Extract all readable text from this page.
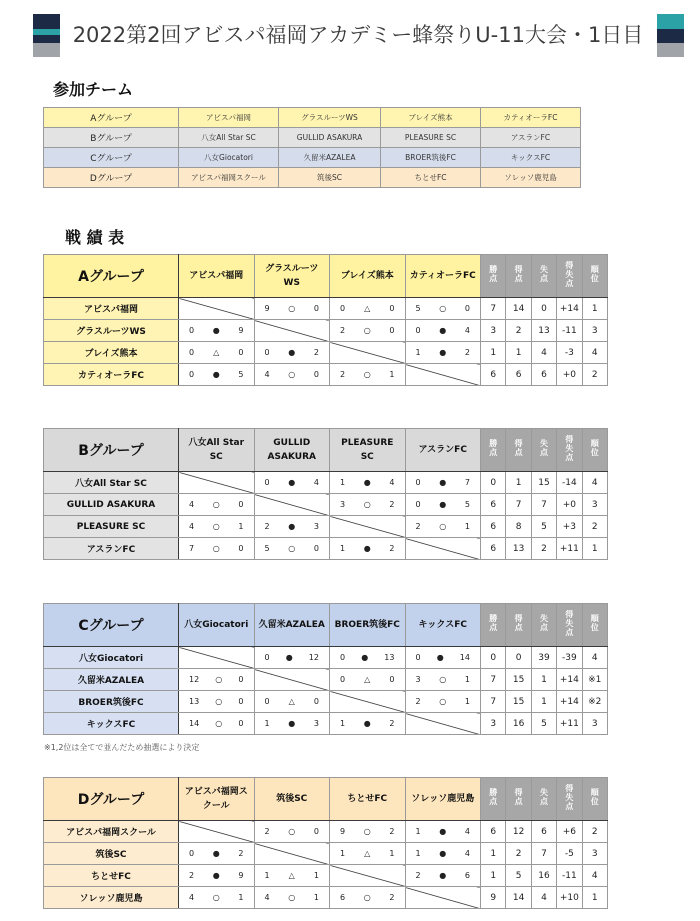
2022第2回アビスパ福岡アカデミー蜂祭りU-11大会・1日目
参加チーム
Aグループ	アビスパ福岡	グラスルーツWS	ブレイズ熊本	カティオーラFC
Bグループ	八女All Star SC	GULLID ASAKURA	PLEASURE SC	アスランFC
Cグループ	八女Giocatori	久留米AZALEA	BROER筑後FC	キックスFC
Dグループ	アビスパ福岡スクール	筑後SC	ちとせFC	ソレッソ鹿児島
戦 績 表
Aグループ	アビスパ福岡	グラスルーツWS	ブレイズ熊本	カティオーラFC	勝点	得点	失点	得失点	順位
アビスパ福岡		9 ○ 0	0 △ 0	5 ○ 0	7	14	0	+14	1
グラスルーツWS	0 ● 9		2 ○ 0	0 ● 4	3	2	13	-11	3
ブレイズ熊本	0 △ 0	0 ● 2		1 ● 2	1	1	4	-3	4
カティオーラFC	0 ● 5	4 ○ 0	2 ○ 1		6	6	6	+0	2
Bグループ	八女All Star SC	GULLID ASAKURA	PLEASURE SC	アスランFC	勝点	得点	失点	得失点	順位
八女All Star SC		0 ● 4	1 ● 4	0 ● 7	0	1	15	-14	4
GULLID ASAKURA	4 ○ 0		3 ○ 2	0 ● 5	6	7	7	+0	3
PLEASURE SC	4 ○ 1	2 ● 3		2 ○ 1	6	8	5	+3	2
アスランFC	7 ○ 0	5 ○ 0	1 ● 2		6	13	2	+11	1
Cグループ	八女Giocatori	久留米AZALEA	BROER筑後FC	キックスFC	勝点	得点	失点	得失点	順位
八女Giocatori		0 ● 12	0 ● 13	0 ● 14	0	0	39	-39	4
久留米AZALEA	12 ○ 0		0 △ 0	3 ○ 1	7	15	1	+14	※1
BROER筑後FC	13 ○ 0	0 △ 0		2 ○ 1	7	15	1	+14	※2
キックスFC	14 ○ 0	1 ● 3	1 ● 2		3	16	5	+11	3

※1,2位は全てで並んだため抽選により決定

Dグループ	アビスパ福岡スクール	筑後SC	ちとせFC	ソレッソ鹿児島	勝点	得点	失点	得失点	順位
アビスパ福岡スクール		2 ○ 0	9 ○ 2	1 ● 4	6	12	6	+6	2
筑後SC	0 ● 2		1 △ 1	1 ● 4	1	2	7	-5	3
ちとせFC	2 ● 9	1 △ 1		2 ● 6	1	5	16	-11	4
ソレッソ鹿児島	4 ○ 1	4 ○ 1	6 ○ 2		9	14	4	+10	1
